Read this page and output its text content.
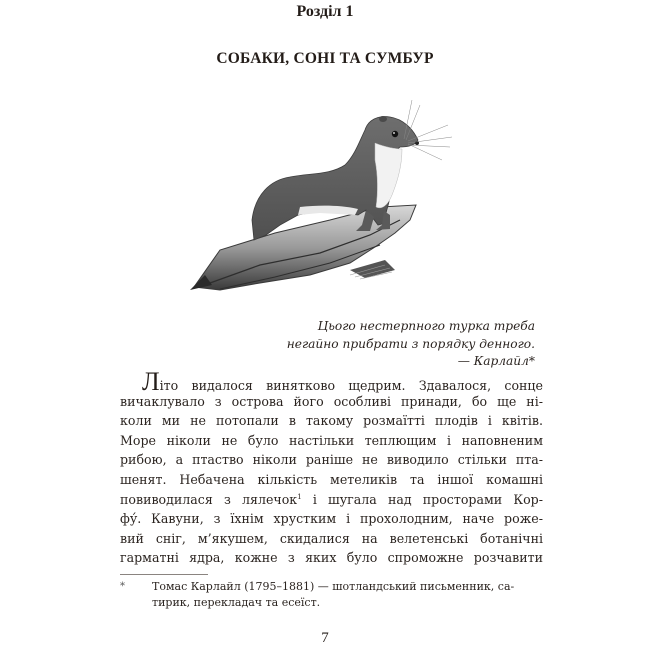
Розділ 1
СОБАКИ, СОНІ ТА СУМБУР
Цього нестерпного турка треба
негайно прибрати з порядку денного.
— Карлайл*
Літо видалося винятково щедрим. Здавалося, сонце
вичаклувало з острова його особливі принади, бо ще ні-
коли ми не потопали в такому розмаїтті плодів і квітів.
Море ніколи не було настільки теплющим і наповненим
рибою, а птаство ніколи раніше не виводило стільки пта-
шенят. Небачена кількість метеликів та іншої комашні
повиводилася з лялечок$^1$ і шугала над просторами Кор-
фу́. Кавуни, з їхнім хрустким і прохолодним, наче роже-
вий сніг, м’якушем, скидалися на велетенські ботанічні
гарматні ядра, кожне з яких було спроможне розчавити
* Томас Карлайл (1795–1881) — шотландський письменник, са-
тирик, перекладач та есеїст.
7
